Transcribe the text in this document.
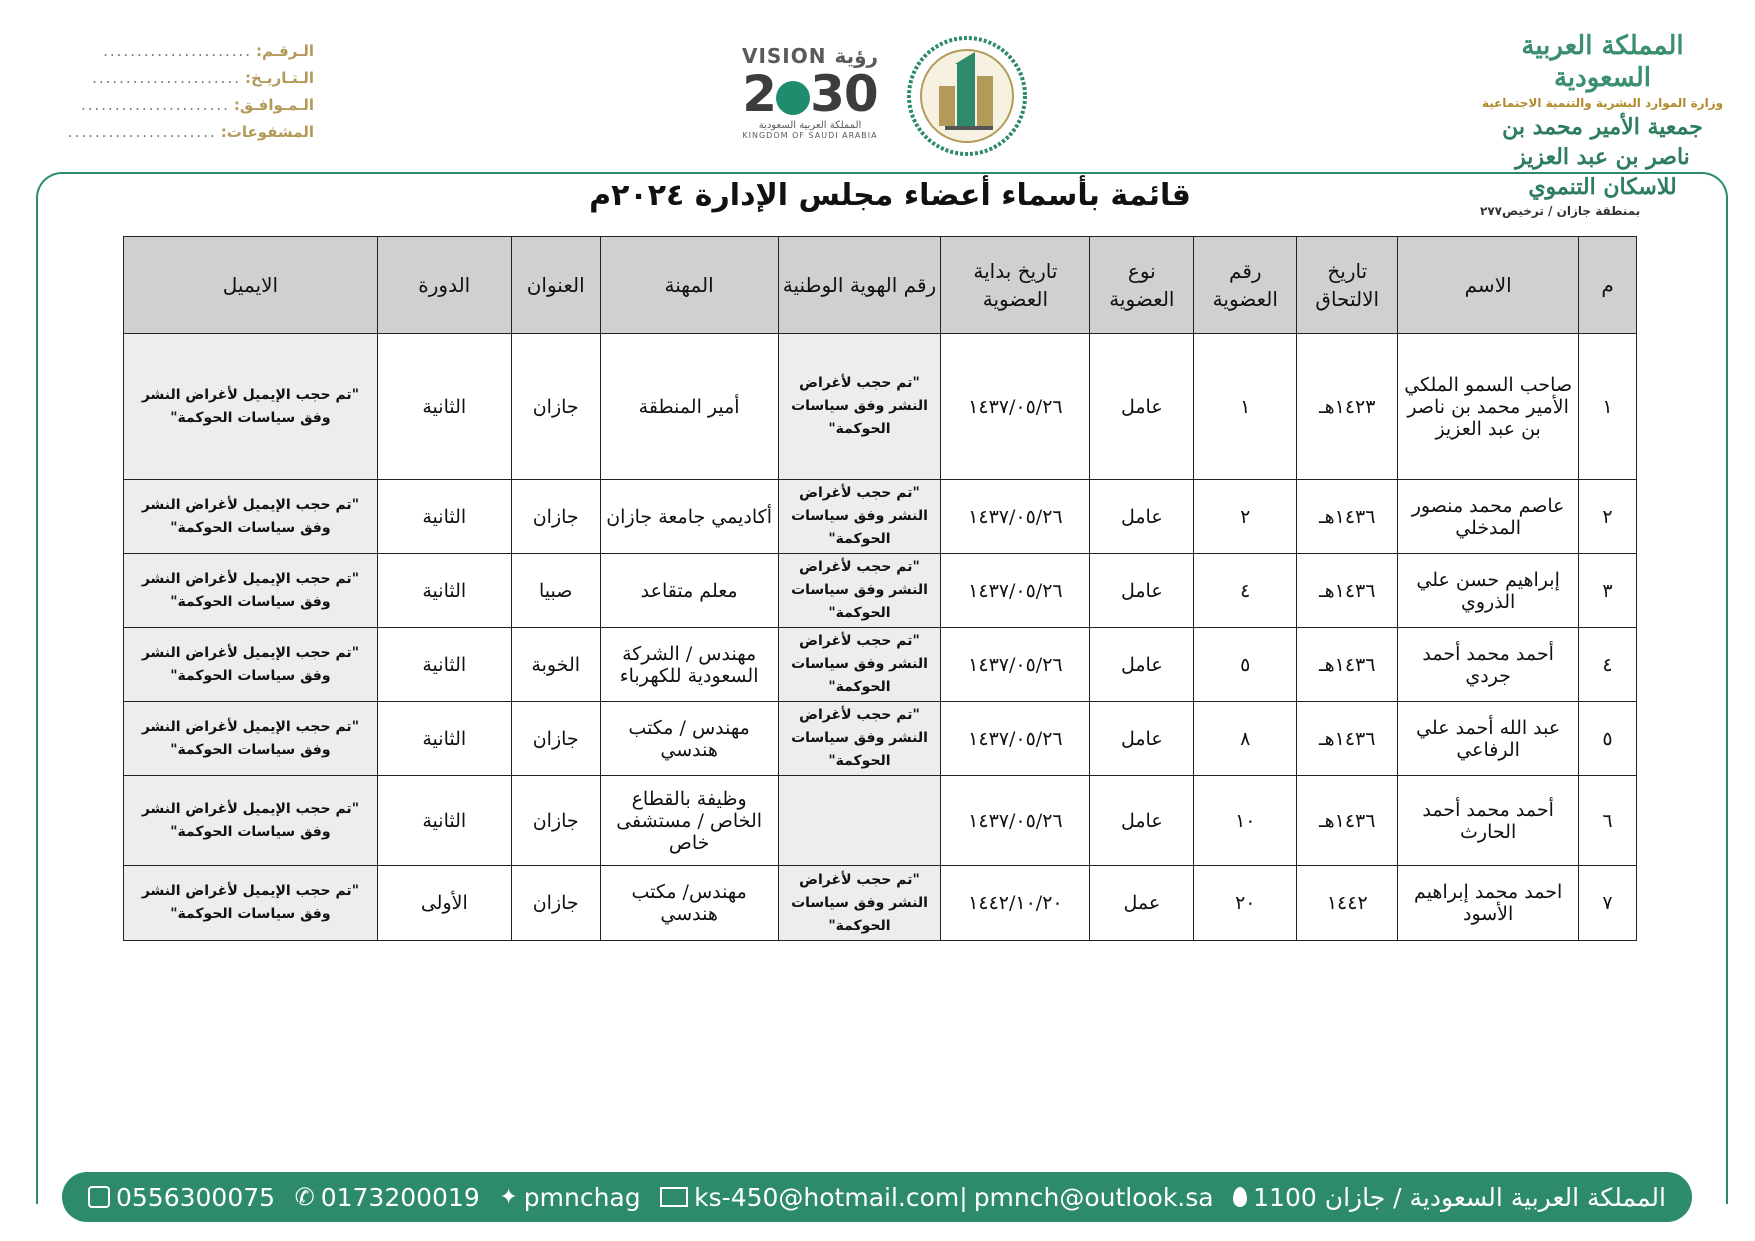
الـرقـم:
......................
الـتـاريـخ:
......................
الـمـوافـق:
......................
المشفوعات:
......................
VISION رؤية
2 30
المملكة العربية السعودية
KINGDOM OF SAUDI ARABIA
المملكة العربية السعودية
وزارة الموارد البشرية والتنمية الاجتماعية
جمعية الأمير محمد بن ناصر بن عبد العزيز للاسكان التنموي
بمنطقة جازان / ترخيص٢٧٧
قائمة بأسماء أعضاء مجلس الإدارة ٢٠٢٤م
م	الاسم	تاريخ الالتحاق	رقم العضوية	نوع العضوية	تاريخ بداية العضوية	رقم الهوية الوطنية	المهنة	العنوان	الدورة	الايميل
١	صاحب السمو الملكي الأمير محمد بن ناصر بن عبد العزيز	١٤٢٣هـ	١	عامل	١٤٣٧/٠٥/٢٦	"تم حجب لأغراض النشر وفق سياسات الحوكمة"	أمير المنطقة	جازان	الثانية	"تم حجب الإيميل لأغراض النشر وفق سياسات الحوكمة"

٢	عاصم محمد منصور المدخلي	١٤٣٦هـ	٢	عامل	١٤٣٧/٠٥/٢٦	"تم حجب لأغراض النشر وفق سياسات الحوكمة"	أكاديمي جامعة جازان	جازان	الثانية	"تم حجب الإيميل لأغراض النشر وفق سياسات الحوكمة"

٣	إبراهيم حسن علي الذروي	١٤٣٦هـ	٤	عامل	١٤٣٧/٠٥/٢٦	"تم حجب لأغراض النشر وفق سياسات الحوكمة"	معلم متقاعد	صبيا	الثانية	"تم حجب الإيميل لأغراض النشر وفق سياسات الحوكمة"

٤	أحمد محمد أحمد جردي	١٤٣٦هـ	٥	عامل	١٤٣٧/٠٥/٢٦	"تم حجب لأغراض النشر وفق سياسات الحوكمة"	مهندس / الشركة السعودية للكهرباء	الخوبة	الثانية	"تم حجب الإيميل لأغراض النشر وفق سياسات الحوكمة"

٥	عبد الله أحمد علي الرفاعي	١٤٣٦هـ	٨	عامل	١٤٣٧/٠٥/٢٦	"تم حجب لأغراض النشر وفق سياسات الحوكمة"	مهندس / مكتب هندسي	جازان	الثانية	"تم حجب الإيميل لأغراض النشر وفق سياسات الحوكمة"

٦	أحمد محمد أحمد الحارث	١٤٣٦هـ	١٠	عامل	١٤٣٧/٠٥/٢٦		وظيفة بالقطاع الخاص / مستشفى خاص	جازان	الثانية	"تم حجب الإيميل لأغراض النشر وفق سياسات الحوكمة"

٧	احمد محمد إبراهيم الأسود	١٤٤٢	٢٠	عمل	١٤٤٢/١٠/٢٠	"تم حجب لأغراض النشر وفق سياسات الحوكمة"	مهندس/ مكتب هندسي	جازان	الأولى	"تم حجب الإيميل لأغراض النشر وفق سياسات الحوكمة"
0556300075 ✆ 0173200019 ✦ pmnchag ks-450@hotmail.com| pmnch@outlook.sa المملكة العربية السعودية / جازان 1100
